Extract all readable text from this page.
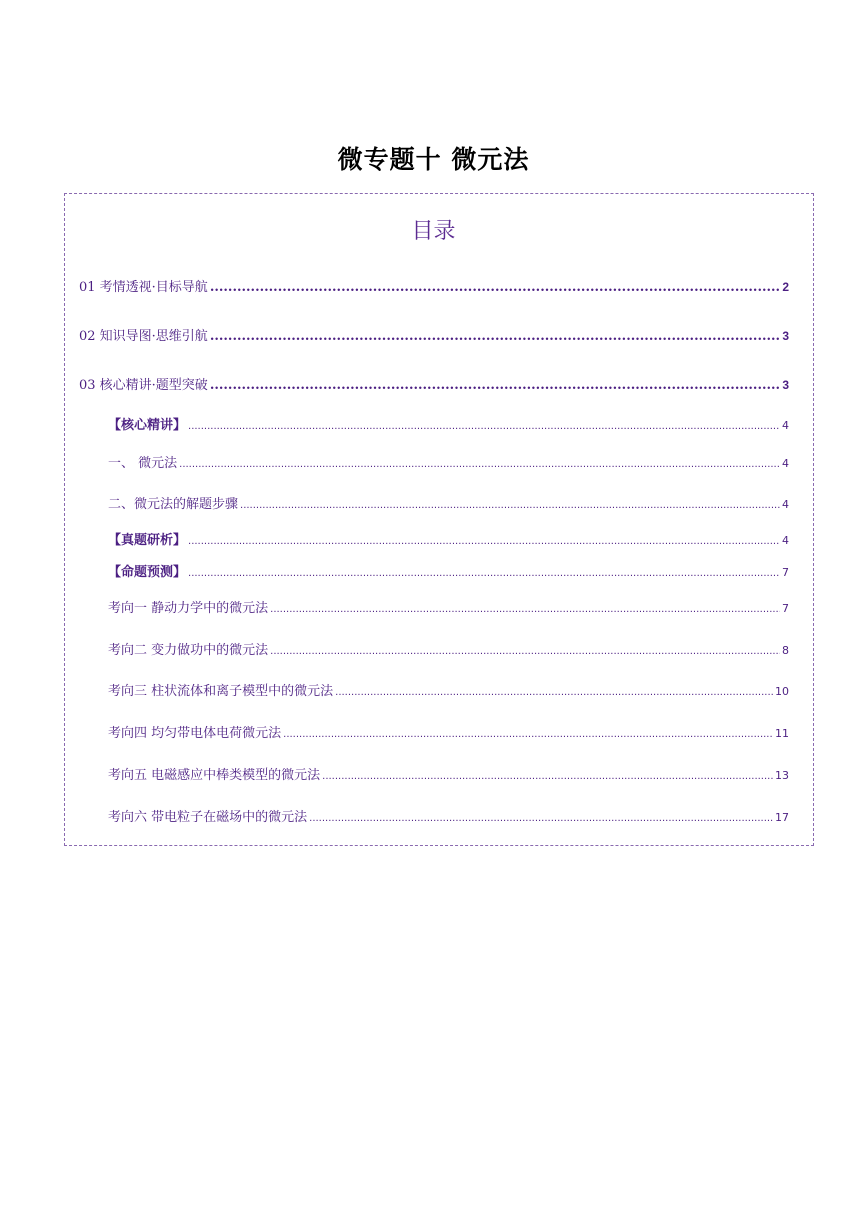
微专题十 微元法
目录
01 考情透视·目标导航 .....	2
02 知识导图·思维引航 .....	3
03 核心精讲·题型突破 .....	3
【核心精讲】 .....	4
一、 微元法 .....	4
二、微元法的解题步骤 .....	4
【真题研析】 .....	4
【命题预测】 .....	7
考向一 静动力学中的微元法 .....	7
考向二 变力做功中的微元法 .....	8
考向三 柱状流体和离子模型中的微元法 .....	10
考向四 均匀带电体电荷微元法 .....	11
考向五 电磁感应中棒类模型的微元法 .....	13
考向六 带电粒子在磁场中的微元法 .....	17
